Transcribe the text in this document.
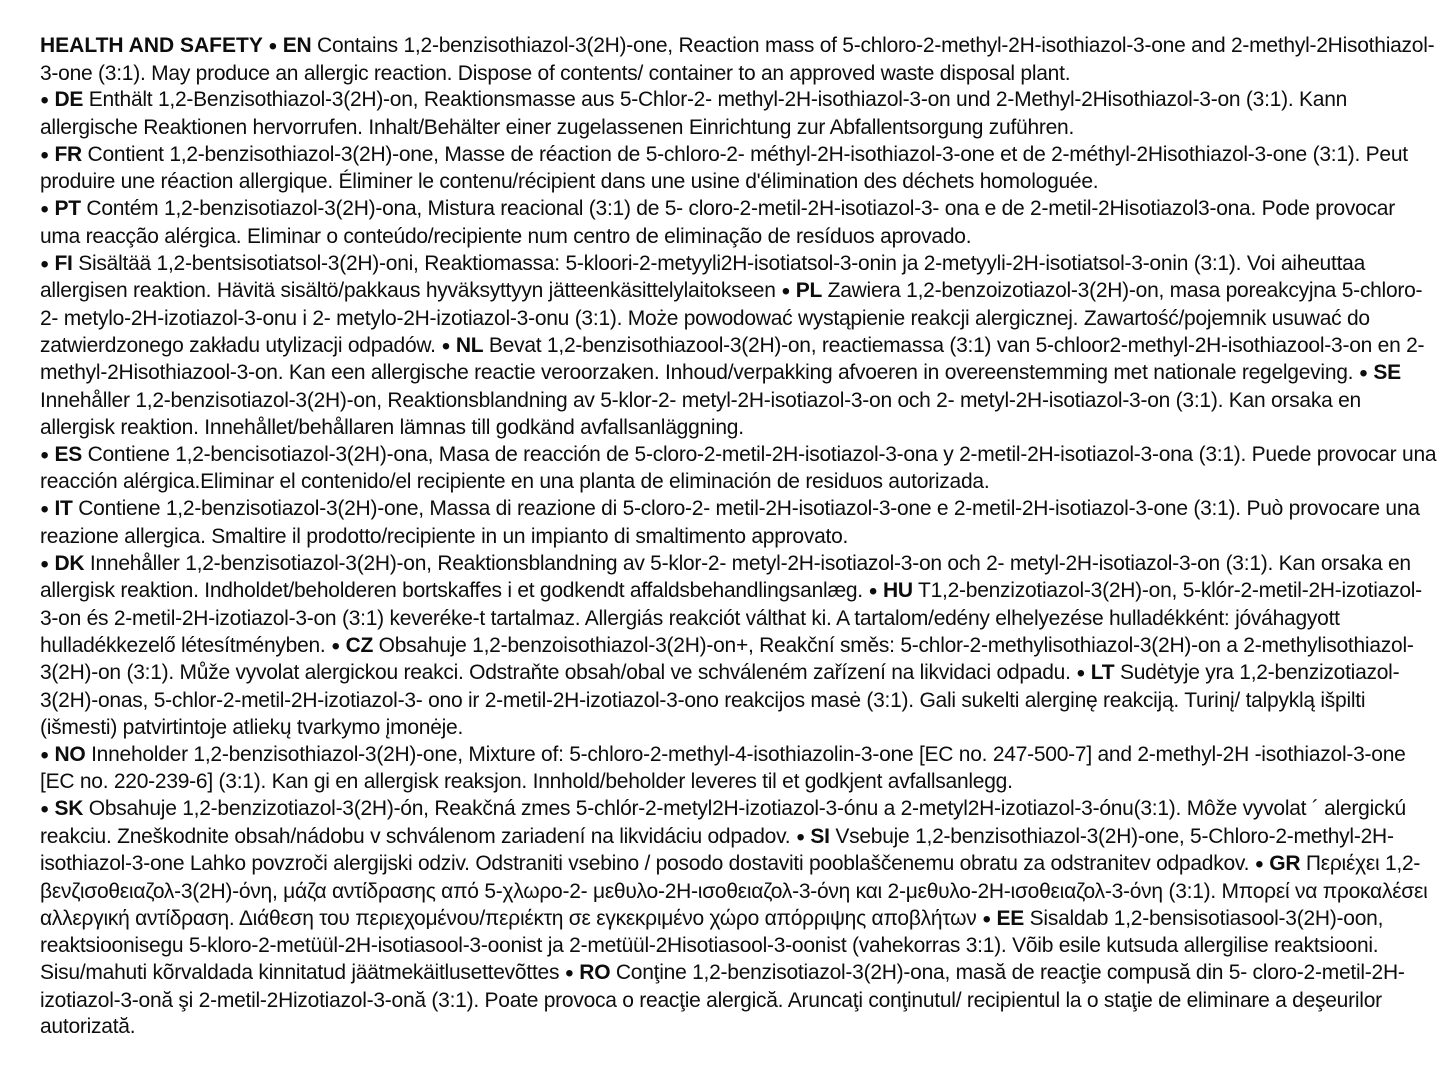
HEALTH AND SAFETY ● EN Contains 1,2-benzisothiazol-3(2H)-one, Reaction mass of 5-chloro-2-methyl-2H-isothiazol-3-one and 2-methyl-2Hisothiazol-3-one (3:1). May produce an allergic reaction. Dispose of contents/ container to an approved waste disposal plant.

● DE Enthält 1,2-Benzisothiazol-3(2H)-on, Reaktionsmasse aus 5-Chlor-2- methyl-2H-isothiazol-3-on und 2-Methyl-2Hisothiazol-3-on (3:1). Kann allergische Reaktionen hervorrufen. Inhalt/Behälter einer zugelassenen Einrichtung zur Abfallentsorgung zuführen.

● FR Contient 1,2-benzisothiazol-3(2H)-one, Masse de réaction de 5-chloro-2- méthyl-2H-isothiazol-3-one et de 2-méthyl-2Hisothiazol-3-one (3:1). Peut produire une réaction allergique. Éliminer le contenu/récipient dans une usine d'élimination des déchets homologuée.

● PT Contém 1,2-benzisotiazol-3(2H)-ona, Mistura reacional (3:1) de 5- cloro-2-metil-2H-isotiazol-3- ona e de 2-metil-2Hisotiazol3-ona. Pode provocar uma reacção alérgica. Eliminar o conteúdo/recipiente num centro de eliminação de resíduos aprovado.

● FI Sisältää 1,2-bentsisotiatsol-3(2H)-oni, Reaktiomassa: 5-kloori-2-metyyli2H-isotiatsol-3-onin ja 2-metyyli-2H-isotiatsol-3-onin (3:1). Voi aiheuttaa allergisen reaktion. Hävitä sisältö/pakkaus hyväksyttyyn jätteenkäsittelylaitokseen ● PL Zawiera 1,2-benzoizotiazol-3(2H)-on, masa poreakcyjna 5-chloro-2- metylo-2H-izotiazol-3-onu i 2- metylo-2H-izotiazol-3-onu (3:1). Może powodować wystąpienie reakcji alergicznej. Zawartość/pojemnik usuwać do zatwierdzonego zakładu utylizacji odpadów. ● NL Bevat 1,2-benzisothiazool-3(2H)-on, reactiemassa (3:1) van 5-chloor2-methyl-2H-isothiazool-3-on en 2-methyl-2Hisothiazool-3-on. Kan een allergische reactie veroorzaken. Inhoud/verpakking afvoeren in overeenstemming met nationale regelgeving. ● SE Innehåller 1,2-benzisotiazol-3(2H)-on, Reaktionsblandning av 5-klor-2- metyl-2H-isotiazol-3-on och 2- metyl-2H-isotiazol-3-on (3:1). Kan orsaka en allergisk reaktion. Innehållet/behållaren lämnas till godkänd avfallsanläggning.

● ES Contiene 1,2-bencisotiazol-3(2H)-ona, Masa de reacción de 5-cloro-2-metil-2H-isotiazol-3-ona y 2-metil-2H-isotiazol-3-ona (3:1). Puede provocar una reacción alérgica.Eliminar el contenido/el recipiente en una planta de eliminación de residuos autorizada.

● IT Contiene 1,2-benzisotiazol-3(2H)-one, Massa di reazione di 5-cloro-2- metil-2H-isotiazol-3-one e 2-metil-2H-isotiazol-3-one (3:1). Può provocare una reazione allergica. Smaltire il prodotto/recipiente in un impianto di smaltimento approvato.

● DK Innehåller 1,2-benzisotiazol-3(2H)-on, Reaktionsblandning av 5-klor-2- metyl-2H-isotiazol-3-on och 2- metyl-2H-isotiazol-3-on (3:1). Kan orsaka en allergisk reaktion. Indholdet/beholderen bortskaffes i et godkendt affaldsbehandlingsanlæg. ● HU T1,2-benzizotiazol-3(2H)-on, 5-klór-2-metil-2H-izotiazol-3-on és 2-metil-2H-izotiazol-3-on (3:1) keveréke-t tartalmaz. Allergiás reakciót válthat ki. A tartalom/edény elhelyezése hulladékként: jóváhagyott hulladékkezelő létesítményben. ● CZ Obsahuje 1,2-benzoisothiazol-3(2H)-on+, Reakční směs: 5-chlor-2-methylisothiazol-3(2H)-on a 2-methylisothiazol-3(2H)-on (3:1). Může vyvolat alergickou reakci. Odstraňte obsah/obal ve schváleném zařízení na likvidaci odpadu. ● LT Sudėtyje yra 1,2-benzizotiazol-3(2H)-onas, 5-chlor-2-metil-2H-izotiazol-3- ono ir 2-metil-2H-izotiazol-3-ono reakcijos masė (3:1). Gali sukelti alerginę reakciją. Turinį/ talpyklą išpilti (išmesti) patvirtintoje atliekų tvarkymo įmonėje.

● NO Inneholder 1,2-benzisothiazol-3(2H)-one, Mixture of: 5-chloro-2-methyl-4-isothiazolin-3-one [EC no. 247-500-7] and 2-methyl-2H -isothiazol-3-one [EC no. 220-239-6] (3:1). Kan gi en allergisk reaksjon. Innhold/beholder leveres til et godkjent avfallsanlegg.

● SK Obsahuje 1,2-benzizotiazol-3(2H)-ón, Reakčná zmes 5-chlór-2-metyl2H-izotiazol-3-ónu a 2-metyl2H-izotiazol-3-ónu(3:1). Môže vyvolat ´ alergickú reakciu. Zneškodnite obsah/nádobu v schválenom zariadení na likvidáciu odpadov. ● SI Vsebuje 1,2-benzisothiazol-3(2H)-one, 5-Chloro-2-methyl-2H-isothiazol-3-one Lahko povzroči alergijski odziv. Odstraniti vsebino / posodo dostaviti pooblaščenemu obratu za odstranitev odpadkov. ● GR Περιέχει 1,2-βενζισοθειαζολ-3(2H)-όνη, μάζα αντίδρασης από 5-χλωρο-2- μεθυλο-2H-ισοθειαζολ-3-όνη και 2-μεθυλο-2H-ισοθειαζολ-3-όνη (3:1). Μπορεί να προκαλέσει αλλεργική αντίδραση. Διάθεση του περιεχομένου/περιέκτη σε εγκεκριμένο χώρο απόρριψης αποβλήτων ● EE Sisaldab 1,2-bensisotiasool-3(2H)-oon, reaktsioonisegu 5-kloro-2-metüül-2H-isotiasool-3-oonist ja 2-metüül-2Hisotiasool-3-oonist (vahekorras 3:1). Võib esile kutsuda allergilise reaktsiooni. Sisu/mahuti kõrvaldada kinnitatud jäätmekäitlusettevõttes ● RO Conţine 1,2-benzisotiazol-3(2H)-ona, masă de reacţie compusă din 5- cloro-2-metil-2H-izotiazol-3-onă şi 2-metil-2Hizotiazol-3-onă (3:1). Poate provoca o reacţie alergică. Aruncaţi conţinutul/ recipientul la o staţie de eliminare a deşeurilor autorizată.
